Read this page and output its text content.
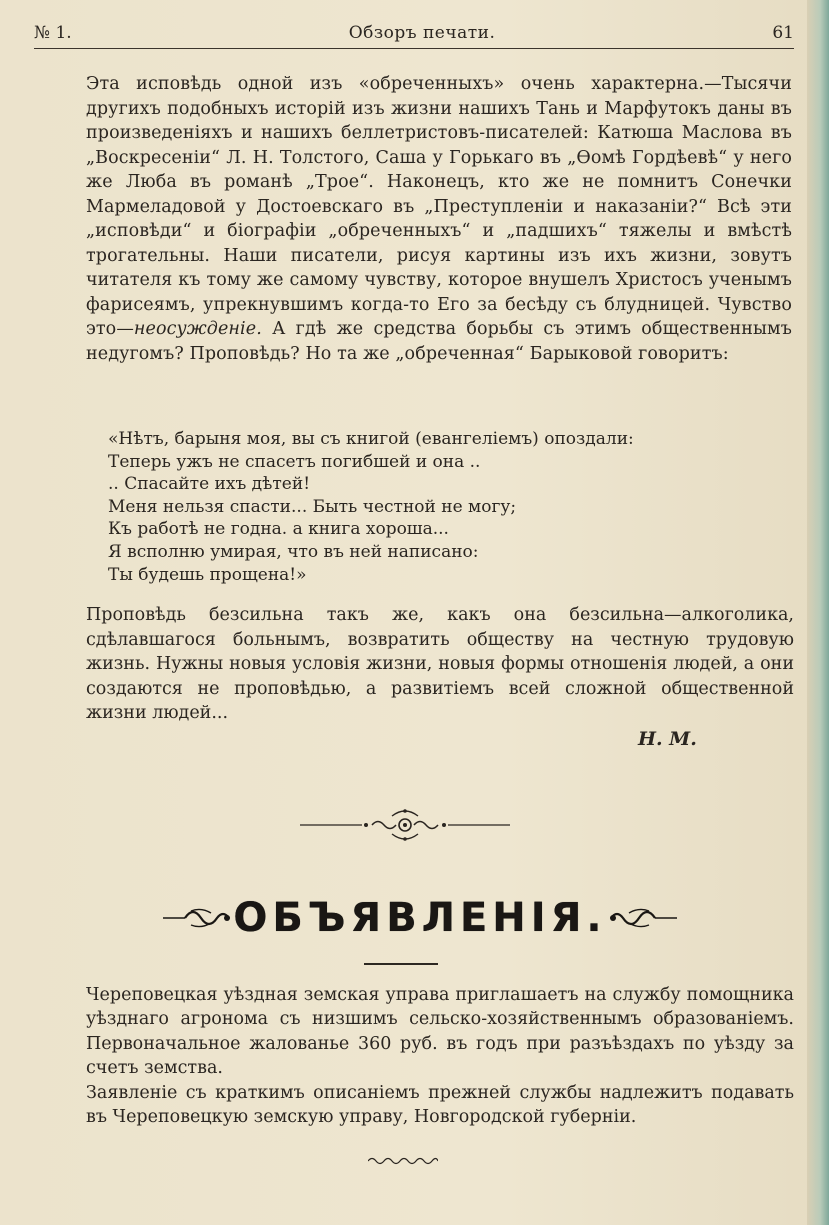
№ 1.	Обзоръ печати.	61

Эта исповѣдь одной изъ «обреченныхъ» очень характерна.—Тысячи другихъ подобныхъ исторій изъ жизни нашихъ Тань и Марфутокъ даны въ произведеніяхъ и нашихъ беллетристовъ-писателей: Катюша Маслова въ „Воскресеніи“ Л. Н. Толстого, Саша у Горькаго въ „Ѳомѣ Гордѣевѣ“ у него же Люба въ романѣ „Трое“. Наконецъ, кто же не помнитъ Сонечки Мармеладовой у Достоевскаго въ „Преступленіи и наказаніи?“ Всѣ эти „исповѣди“ и біографіи „обреченныхъ“ и „падшихъ“ тяжелы и вмѣстѣ трогательны. Наши писатели, рисуя картины изъ ихъ жизни, зовутъ читателя къ тому же самому чувству, которое внушелъ Христосъ ученымъ фарисеямъ, упрекнувшимъ когда-то Его за бесѣду съ блудницей. Чувство это—неосужденіе. А гдѣ же средства борьбы съ этимъ общественнымъ недугомъ? Проповѣдь? Но та же „обреченная“ Барыковой говоритъ:

«Нѣтъ, барыня моя, вы съ книгой (евангеліемъ) опоздали:
Теперь ужъ не спасетъ погибшей и она ..
.. Спасайте ихъ дѣтей!
Меня нельзя спасти... Быть честной не могу;
Къ работѣ не годна. а книга хороша...
Я всполню умирая, что въ ней написано:
Ты будешь прощена!»
Проповѣдь безсильна такъ же, какъ она безсильна—алкоголика, сдѣлавшагося больнымъ, возвратить обществу на честную трудовую жизнь. Нужны новыя условія жизни, новыя формы отношенія людей, а они создаются не проповѣдью, а развитіемъ всей сложной общественной жизни людей...
Н. М.
ОБЪЯВЛЕНІЯ.

Череповецкая уѣздная земская управа приглашаетъ на службу помощника уѣзднаго агронома съ низшимъ сельско-хозяйственнымъ образованіемъ. Первоначальное жалованье 360 руб. въ годъ при разъѣздахъ по уѣзду за счетъ земства.

Заявленіе съ краткимъ описаніемъ прежней службы надлежитъ подавать въ Череповецкую земскую управу, Новгородской губерніи.
